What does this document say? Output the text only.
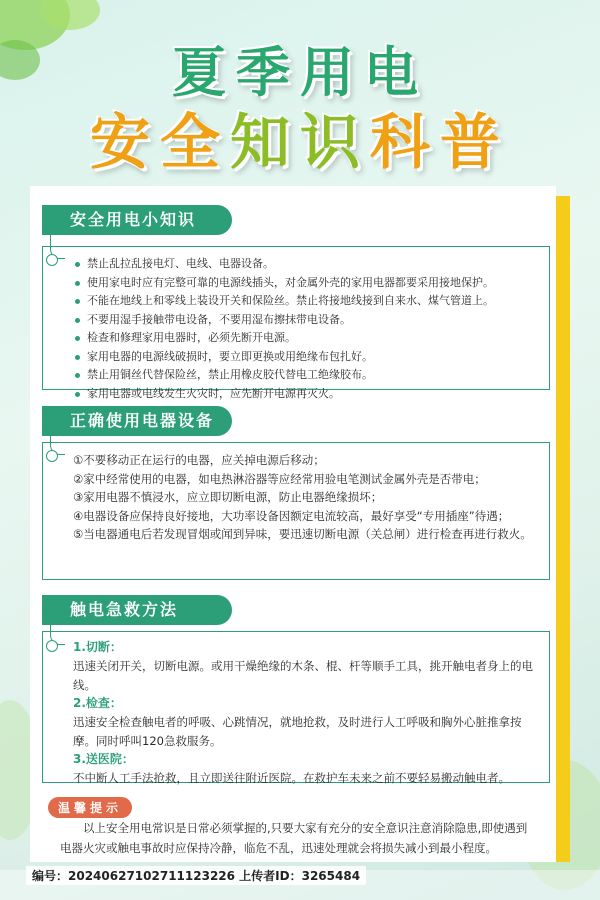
夏季用电
安全知识科普
禁止乱拉乱接电灯、电线、电器设备。
使用家电时应有完整可靠的电源线插头，对金属外壳的家用电器都要采用接地保护。
不能在地线上和零线上装设开关和保险丝。禁止将接地线接到自来水、煤气管道上。
不要用湿手接触带电设备，不要用湿布擦抹带电设备。
检查和修理家用电器时，必须先断开电源。
家用电器的电源线破损时，要立即更换或用绝缘布包扎好。
禁止用铜丝代替保险丝，禁止用橡皮胶代替电工绝缘胶布。
家用电器或电线发生火灾时，应先断开电源再灭火。
安全用电小知识
①不要移动正在运行的电器，应关掉电源后移动；
②家中经常使用的电器，如电热淋浴器等应经常用验电笔测试金属外壳是否带电；
③家用电器不慎浸水，应立即切断电源，防止电器绝缘损坏；
④电器设备应保持良好接地，大功率设备因额定电流较高，最好享受“专用插座”待遇；
⑤当电器通电后若发现冒烟或闻到异味，要迅速切断电源（关总闸）进行检查再进行救火。
正确使用电器设备
1.切断：
迅速关闭开关，切断电源。或用干燥绝缘的木条、棍、杆等顺手工具，挑开触电者身上的电线。
2.检查：
迅速安全检查触电者的呼吸、心跳情况，就地抢救，及时进行人工呼吸和胸外心脏推拿按摩。同时呼叫120急救服务。
3.送医院：
不中断人工手法抢救，且立即送往附近医院。在救护车未来之前不要轻易搬动触电者。
触电急救方法
温馨提示
以上安全用电常识是日常必须掌握的,只要大家有充分的安全意识注意消除隐患,即使遇到电器火灾或触电事故时应保持冷静，临危不乱，迅速处理就会将损失减小到最小程度。
编号：20240627102711123226 上传者ID：3265484
